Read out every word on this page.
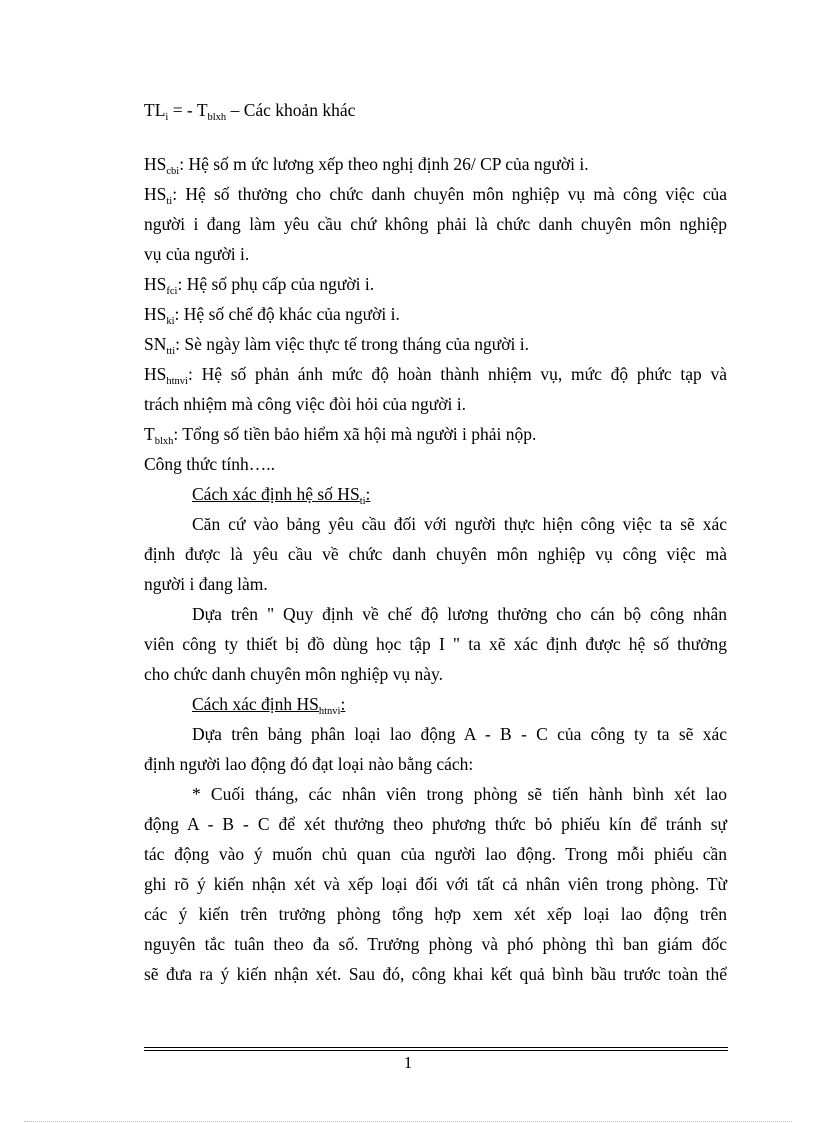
$TL_i$ = - $T_{blxh}$ – Các khoản khác
$HS_{cbi}$: Hệ số m ức lương xếp theo nghị định 26/ CP của người i.
$HS_{ti}$: Hệ số thưởng cho chức danh chuyên môn nghiệp vụ mà công việc của
người i đang làm yêu cầu chứ không phải là chức danh chuyên môn nghiệp
vụ của người i.
$HS_{fci}$: Hệ số phụ cấp của người i.
$HS_{ki}$: Hệ số chế độ khác của người i.
$SN_{tti}$: Sè ngày làm việc thực tế trong tháng của người i.
$HS_{htnvi}$: Hệ số phản ánh mức độ hoàn thành nhiệm vụ, mức độ phức tạp và
trách nhiệm mà công việc đòi hỏi của người i.
$T_{blxh}$: Tổng số tiền bảo hiểm xã hội mà người i phải nộp.
Công thức tính…..
Cách xác định hệ số $HS_{ti}$:
Căn cứ vào bảng yêu cầu đối với người thực hiện công việc ta sẽ xác
định được là yêu cầu về chức danh chuyên môn nghiệp vụ công việc mà
người i đang làm.
Dựa trên " Quy định về chế độ lương thưởng cho cán bộ công nhân
viên công ty thiết bị đồ dùng học tập I " ta xẽ xác định được hệ số thưởng
cho chức danh chuyên môn nghiệp vụ này.
Cách xác định $HS_{htnvi}$:
Dựa trên bảng phân loại lao động A - B - C của công ty ta sẽ xác
định người lao động đó đạt loại nào bằng cách:
* Cuối tháng, các nhân viên trong phòng sẽ tiến hành bình xét lao
động A - B - C để xét thưởng theo phương thức bỏ phiếu kín để tránh sự
tác động vào ý muốn chủ quan của người lao động. Trong mỗi phiếu cần
ghi rõ ý kiến nhận xét và xếp loại đối với tất cả nhân viên trong phòng. Từ
các ý kiến trên trưởng phòng tổng hợp xem xét xếp loại lao động trên
nguyên tắc tuân theo đa số. Trưởng phòng và phó phòng thì ban giám đốc
sẽ đưa ra ý kiến nhận xét. Sau đó, công khai kết quả bình bầu trước toàn thể
1
